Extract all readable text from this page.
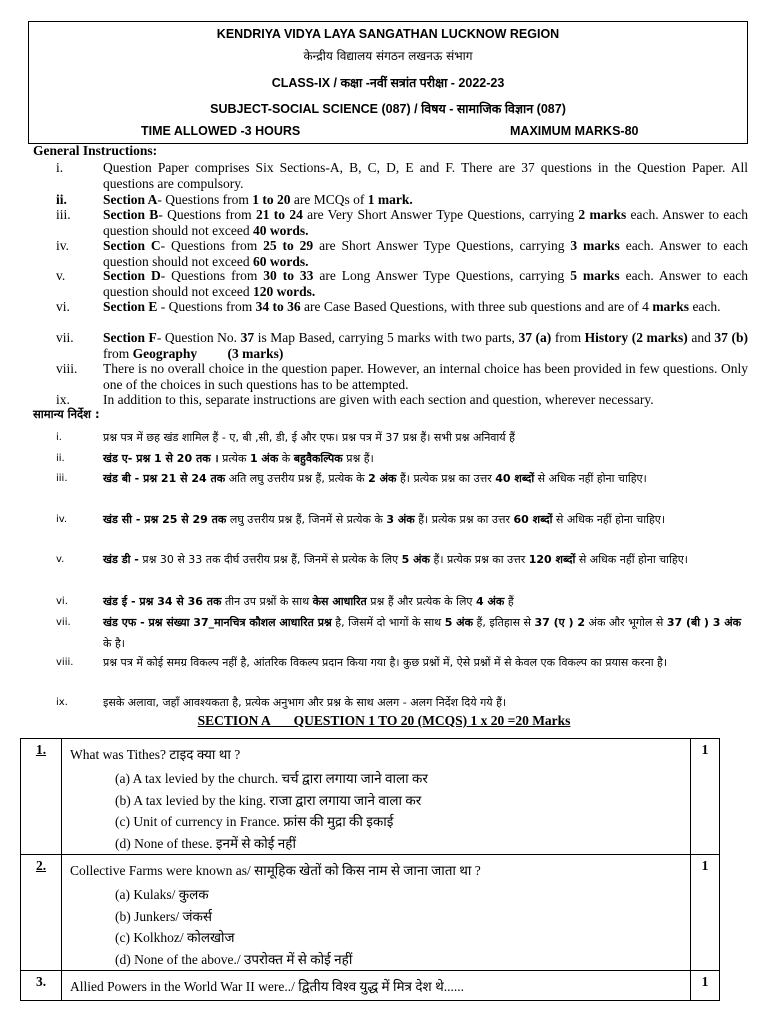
KENDRIYA VIDYA LAYA SANGATHAN LUCKNOW REGION
केन्द्रीय विद्यालय संगठन लखनऊ संभाग
CLASS-IX / कक्षा -नवीं सत्रांत परीक्षा - 2022-23
SUBJECT-SOCIAL SCIENCE (087) / विषय - सामाजिक विज्ञान (087)
TIME ALLOWED -3 HOURS	MAXIMUM MARKS-80
General Instructions:
i.	Question Paper comprises Six Sections-A, B, C, D, E and F. There are 37 questions in the Question Paper. All questions are compulsory.
ii.	Section A- Questions from 1 to 20 are MCQs of 1 mark.
iii. Section B- Questions from 21 to 24 are Very Short Answer Type Questions, carrying 2 marks each. Answer to each question should not exceed 40 words.
iv.	Section C- Questions from 25 to 29 are Short Answer Type Questions, carrying 3 marks each. Answer to each question should not exceed 60 words.
v.	Section D- Questions from 30 to 33 are Long Answer Type Questions, carrying 5 marks each. Answer to each question should not exceed 120 words.
vi. Section E - Questions from 34 to 36 are Case Based Questions, with three sub questions and are of 4 marks each.
vii. Section F- Question No. 37 is Map Based, carrying 5 marks with two parts, 37 (a) from History (2 marks) and 37 (b) from Geography         (3 marks)
viii. There is no overall choice in the question paper. However, an internal choice has been provided in few questions. Only one of the choices in such questions has to be attempted.
ix. In addition to this, separate instructions are given with each section and question, wherever necessary.
सामान्य निर्देश :
i.	प्रश्न पत्र में छह खंड शामिल हैं - ए, बी ,सी, डी, ई और एफ। प्रश्न पत्र में 37 प्रश्न हैं। सभी प्रश्न अनिवार्य हैं
ii.	खंड ए- प्रश्न 1 से 20 तक । प्रत्येक 1 अंक के बहुवैकल्पिक प्रश्न हैं।
iii.	खंड बी - प्रश्न 21 से 24 तक अति लघु उत्तरीय प्रश्न हैं, प्रत्येक के 2 अंक हैं। प्रत्येक प्रश्न का उत्तर 40 शब्दों से अधिक नहीं होना चाहिए।
iv.	खंड सी - प्रश्न 25 से 29 तक लघु उत्तरीय प्रश्न हैं, जिनमें से प्रत्येक के 3 अंक हैं। प्रत्येक प्रश्न का उत्तर 60 शब्दों से अधिक नहीं होना चाहिए।
v.	खंड डी - प्रश्न 30 से 33 तक दीर्घ उत्तरीय प्रश्न हैं, जिनमें से प्रत्येक के लिए 5 अंक हैं। प्रत्येक प्रश्न का उत्तर 120 शब्दों से अधिक नहीं होना चाहिए।
vi.	खंड ई - प्रश्न 34 से 36 तक तीन उप प्रश्नों के साथ केस आधारित प्रश्न हैं और प्रत्येक के लिए 4 अंक हैं
vii.	खंड एफ - प्रश्न संख्या 37_मानचित्र कौशल आधारित प्रश्न है, जिसमें दो भागों के साथ 5 अंक हैं, इतिहास से 37 (ए ) 2 अंक और भूगोल से 37 (बी ) 3 अंक के है।
viii.	प्रश्न पत्र में कोई समग्र विकल्प नहीं है, आंतरिक विकल्प प्रदान किया गया है। कुछ प्रश्नों में, ऐसे प्रश्नों में से केवल एक विकल्प का प्रयास करना है।
ix.	इसके अलावा, जहाँ आवश्यकता है, प्रत्येक अनुभाग और प्रश्न के साथ अलग - अलग निर्देश दिये गये हैं।
SECTION A       QUESTION 1 TO 20 (MCQS) 1 x 20 =20 Marks
1.	What was Tithes? टाइद क्या था ?
(a) A tax levied by the church. चर्च द्वारा लगाया जाने वाला कर
(b) A tax levied by the king. राजा द्वारा लगाया जाने वाला कर
(c) Unit of currency in France. फ्रांस की मुद्रा की इकाई
(d) None of these. इनमें से कोई नहीं	1
2.	Collective Farms were known as/ सामूहिक खेतों को किस नाम से जाना जाता था ?
(a) Kulaks/ कुलक
(b) Junkers/ जंकर्स
(c) Kolkhoz/ कोलखोज
(d) None of the above./ उपरोक्त में से कोई नहीं	1
3.	Allied Powers in the World War II were../ द्वितीय विश्व युद्ध में मित्र देश थे......	1
